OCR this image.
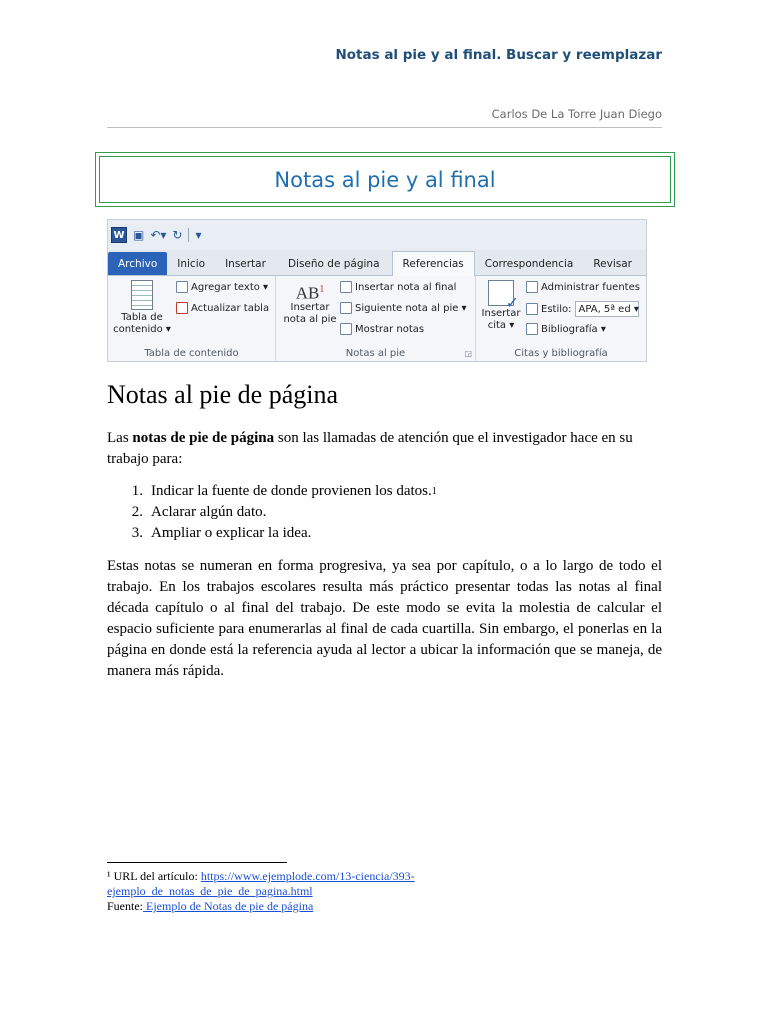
Notas al pie y al final. Buscar y reemplazar
Carlos De La Torre Juan Diego
Notas al pie y al final
W ▣ ↶▾ ↻ ▾
Archivo	Inicio	Insertar	Diseño de página	Referencias	Correspondencia	Revisar
Tabla de
contenido ▾
Agregar texto ▾
Actualizar tabla
Tabla de contenido
$AB^1$
Insertar
nota al pie
Insertar nota al final
Siguiente nota al pie ▾
Mostrar notas
Notas al pie	◲
✓
Insertar
cita ▾
Administrar fuentes
Estilo: APA, 5ª ed ▾
Bibliografía ▾
Citas y bibliografía
Notas al pie de página

Las notas de pie de página son las llamadas de atención que el investigador hace en su trabajo para:

1. Indicar la fuente de donde provienen los datos. 1
2. Aclarar algún dato.
3. Ampliar o explicar la idea.

Estas notas se numeran en forma progresiva, ya sea por capítulo, o a lo largo de todo el trabajo. En los trabajos escolares resulta más práctico presentar todas las notas al final década capítulo o al final del trabajo. De este modo se evita la molestia de calcular el espacio suficiente para enumerarlas al final de cada cuartilla. Sin embargo, el ponerlas en la página en donde está la referencia ayuda al lector a ubicar la información que se maneja, de manera más rápida.

¹ URL del artículo: https://www.ejemplode.com/13-ciencia/393-
ejemplo_de_notas_de_pie_de_pagina.html
Fuente: Ejemplo de Notas de pie de página
